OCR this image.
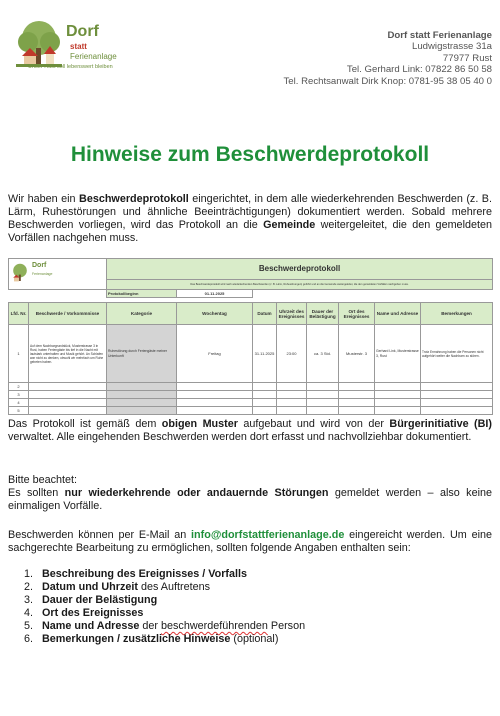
Dorf
statt
Ferienanlage
Unser Rust soll lebenswert bleiben
Dorf statt Ferienanlage
Ludwigstrasse 31a
77977 Rust
Tel. Gerhard Link: 07822 86 50 58
Tel. Rechtsanwalt Dirk Knop: 0781-95 38 05 40 0
Hinweise zum Beschwerdeprotokoll

Wir haben ein Beschwerdeprotokoll eingerichtet, in dem alle wiederkehrenden Beschwerden (z. B. Lärm, Ruhestörungen und ähnliche Beeinträchtigungen) dokumentiert werden. Sobald mehrere Beschwerden vorliegen, wird das Protokoll an die Gemeinde weitergeleitet, die den gemeldeten Vorfällen nachgehen muss.

Dorf
Ferienanlage		Beschwerdeprotokoll							
		Das Beschwerdeprotokoll wird nach wiederkehrenden Beschwerden (z. B. Lärm, Ruhestörungen) geführt und an die Gemeinde weitergeleitet, die den gemeldeten Vorfällen nachgehen muss.							
		Protokollbeginn	01.11.2025						

Lfd. Nr.	Beschwerde / Vorkommnisse	Kategorie	Wochentag	Datum	Uhrzeit des Ereignisses	Dauer der Belästigung	Ort des Ereignisses	Name und Adresse	Bemerkungen
1	Auf dem Nachbargrundstück, Musterstrasse 3 in Rust, haben Feriengäste bis tief in die Nacht mit lautstark unterhalten und Musik gehört. An Schlafen war nicht zu denken, obwohl wir mehrfach um Ruhe gebeten haben.	Ruhestörung durch Feriengäste meiner Unterkunft	Freitag	31.11.2025	23:00	ca. 3 Std.	Musterstr. 3	Gerhard Link, Musterstrasse 3, Rust	Trotz Ermahnung haben die Personen nicht aufgehört weiter die Nachbarn zu stören.
2									
3									
4									
5									

Das Protokoll ist gemäß dem obigen Muster aufgebaut und wird von der Bürgerinitiative (BI) verwaltet. Alle eingehenden Beschwerden werden dort erfasst und nachvollziehbar dokumentiert.

Bitte beachtet:
Es sollten nur wiederkehrende oder andauernde Störungen gemeldet werden – also keine einmaligen Vorfälle.

Beschwerden können per E-Mail an info@dorfstattferienanlage.de eingereicht werden. Um eine sachgerechte Bearbeitung zu ermöglichen, sollten folgende Angaben enthalten sein:

1. Beschreibung des Ereignisses / Vorfalls
2. Datum und Uhrzeit des Auftretens
3. Dauer der Belästigung
4. Ort des Ereignisses
5. Name und Adresse der beschwerdeführenden Person
6. Bemerkungen / zusätzliche Hinweise (optional)
